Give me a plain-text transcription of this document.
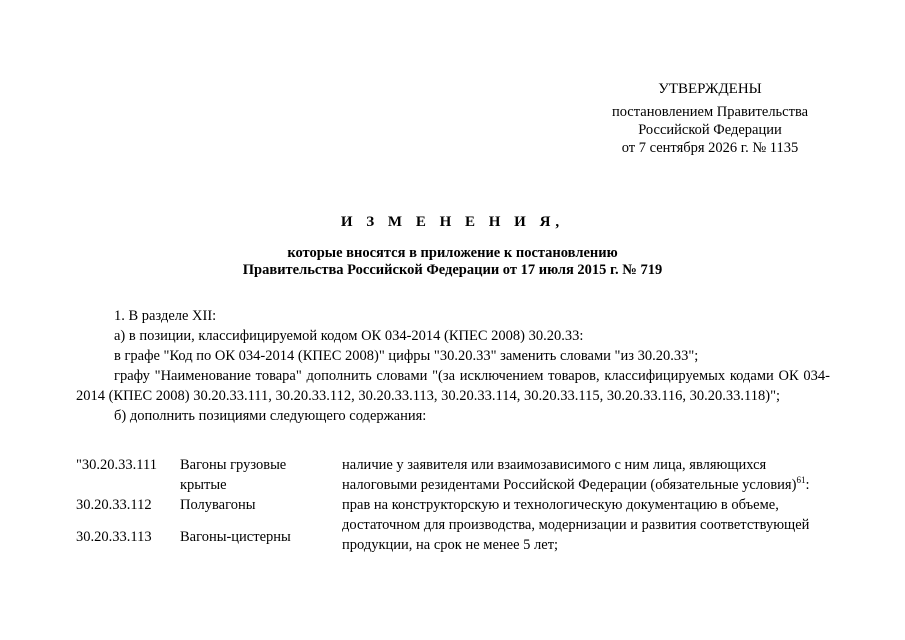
УТВЕРЖДЕНЫ
постановлением Правительства
Российской Федерации
от 7 сентября 2026 г. № 1135
И З М Е Н Е Н И Я,
которые вносятся в приложение к постановлению
Правительства Российской Федерации от 17 июля 2015 г. № 719
1. В разделе XII:
а) в позиции, классифицируемой кодом ОК 034-2014 (КПЕС 2008) 30.20.33:
в графе "Код по ОК 034-2014 (КПЕС 2008)" цифры "30.20.33" заменить словами "из 30.20.33";
графу "Наименование товара" дополнить словами "(за исключением товаров, классифицируемых кодами ОК 034-2014 (КПЕС 2008) 30.20.33.111, 30.20.33.112, 30.20.33.113, 30.20.33.114, 30.20.33.115, 30.20.33.116, 30.20.33.118)";
б) дополнить позициями следующего содержания:
"30.20.33.111	Вагоны грузовые крытые
30.20.33.112	Полувагоны
30.20.33.113	Вагоны-цистерны
наличие у заявителя или взаимозависимого с ним лица, являющихся налоговыми резидентами Российской Федерации (обязательные условия)$^{61}$:
прав на конструкторскую и технологическую документацию в объеме, достаточном для производства, модернизации и развития соответствующей продукции, на срок не менее 5 лет;
